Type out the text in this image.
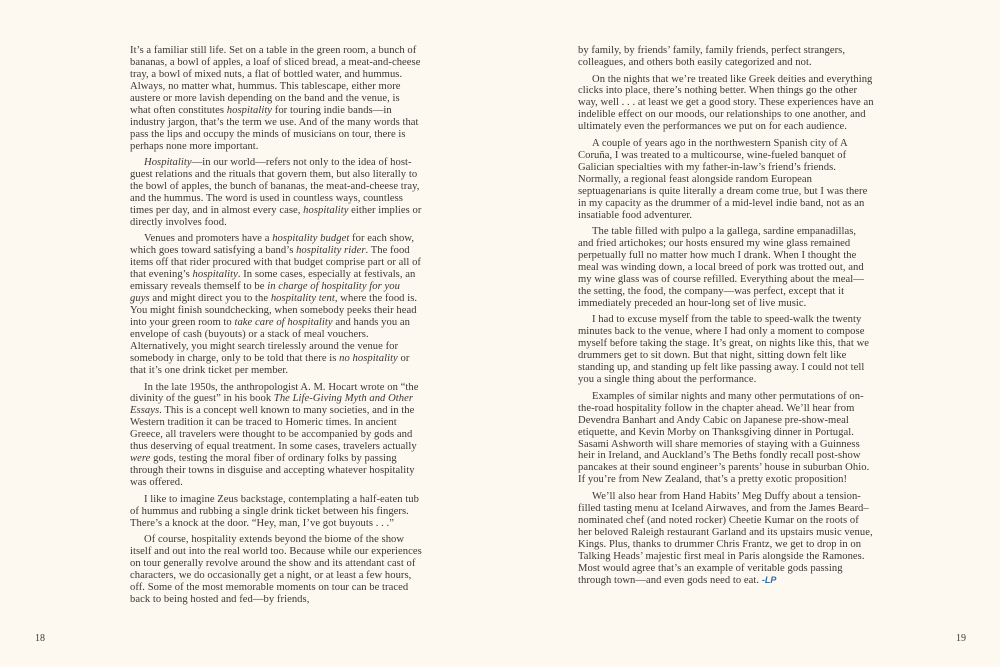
It’s a familiar still life. Set on a table in the green room, a bunch of bananas, a bowl of apples, a loaf of sliced bread, a meat-and-cheese tray, a bowl of mixed nuts, a flat of bottled water, and hummus. Always, no matter what, hummus. This tablescape, either more austere or more lavish depending on the band and the venue, is what often constitutes hospitality for touring indie bands—in industry jargon, that’s the term we use. And of the many words that pass the lips and occupy the minds of musicians on tour, there is perhaps none more important.

Hospitality—in our world—refers not only to the idea of host-guest relations and the rituals that govern them, but also literally to the bowl of apples, the bunch of bananas, the meat-and-cheese tray, and the hummus. The word is used in countless ways, countless times per day, and in almost every case, hospitality either implies or directly involves food.

Venues and promoters have a hospitality budget for each show, which goes toward satisfying a band’s hospitality rider. The food items off that rider procured with that budget comprise part or all of that evening’s hospitality. In some cases, especially at festivals, an emissary reveals themself to be in charge of hospitality for you guys and might direct you to the hospitality tent, where the food is. You might finish soundchecking, when somebody peeks their head into your green room to take care of hospitality and hands you an envelope of cash (buyouts) or a stack of meal vouchers. Alternatively, you might search tirelessly around the venue for somebody in charge, only to be told that there is no hospitality or that it’s one drink ticket per member.

In the late 1950s, the anthropologist A. M. Hocart wrote on “the divinity of the guest” in his book The Life-Giving Myth and Other Essays. This is a concept well known to many societies, and in the Western tradition it can be traced to Homeric times. In ancient Greece, all travelers were thought to be accompanied by gods and thus deserving of equal treatment. In some cases, travelers actually were gods, testing the moral fiber of ordinary folks by passing through their towns in disguise and accepting whatever hospitality was offered.

I like to imagine Zeus backstage, contemplating a half-eaten tub of hummus and rubbing a single drink ticket between his fingers. There’s a knock at the door. “Hey, man, I’ve got buyouts . . .”

Of course, hospitality extends beyond the biome of the show itself and out into the real world too. Because while our experiences on tour generally revolve around the show and its attendant cast of characters, we do occasionally get a night, or at least a few hours, off. Some of the most memorable moments on tour can be traced back to being hosted and fed—by friends,

18

by family, by friends’ family, family friends, perfect strangers, colleagues, and others both easily categorized and not.

On the nights that we’re treated like Greek deities and everything clicks into place, there’s nothing better. When things go the other way, well . . . at least we get a good story. These experiences have an indelible effect on our moods, our relationships to one another, and ultimately even the performances we put on for each audience.

A couple of years ago in the northwestern Spanish city of A Coruña, I was treated to a multicourse, wine-fueled banquet of Galician specialties with my father-in-law’s friend’s friends. Normally, a regional feast alongside random European septuagenarians is quite literally a dream come true, but I was there in my capacity as the drummer of a mid-level indie band, not as an insatiable food adventurer.

The table filled with pulpo a la gallega, sardine empanadillas, and fried artichokes; our hosts ensured my wine glass remained perpetually full no matter how much I drank. When I thought the meal was winding down, a local breed of pork was trotted out, and my wine glass was of course refilled. Everything about the meal—the setting, the food, the company—was perfect, except that it immediately preceded an hour-long set of live music.

I had to excuse myself from the table to speed-walk the twenty minutes back to the venue, where I had only a moment to compose myself before taking the stage. It’s great, on nights like this, that we drummers get to sit down. But that night, sitting down felt like standing up, and standing up felt like passing away. I could not tell you a single thing about the performance.

Examples of similar nights and many other permutations of on-the-road hospitality follow in the chapter ahead. We’ll hear from Devendra Banhart and Andy Cabic on Japanese pre-show-meal etiquette, and Kevin Morby on Thanksgiving dinner in Portugal. Sasami Ashworth will share memories of staying with a Guinness heir in Ireland, and Auckland’s The Beths fondly recall post-show pancakes at their sound engineer’s parents’ house in suburban Ohio. If you’re from New Zealand, that’s a pretty exotic proposition!

We’ll also hear from Hand Habits’ Meg Duffy about a tension-filled tasting menu at Iceland Airwaves, and from the James Beard–nominated chef (and noted rocker) Cheetie Kumar on the roots of her beloved Raleigh restaurant Garland and its upstairs music venue, Kings. Plus, thanks to drummer Chris Frantz, we get to drop in on Talking Heads’ majestic first meal in Paris alongside the Ramones. Most would agree that’s an example of veritable gods passing through town—and even gods need to eat. -LP

19
